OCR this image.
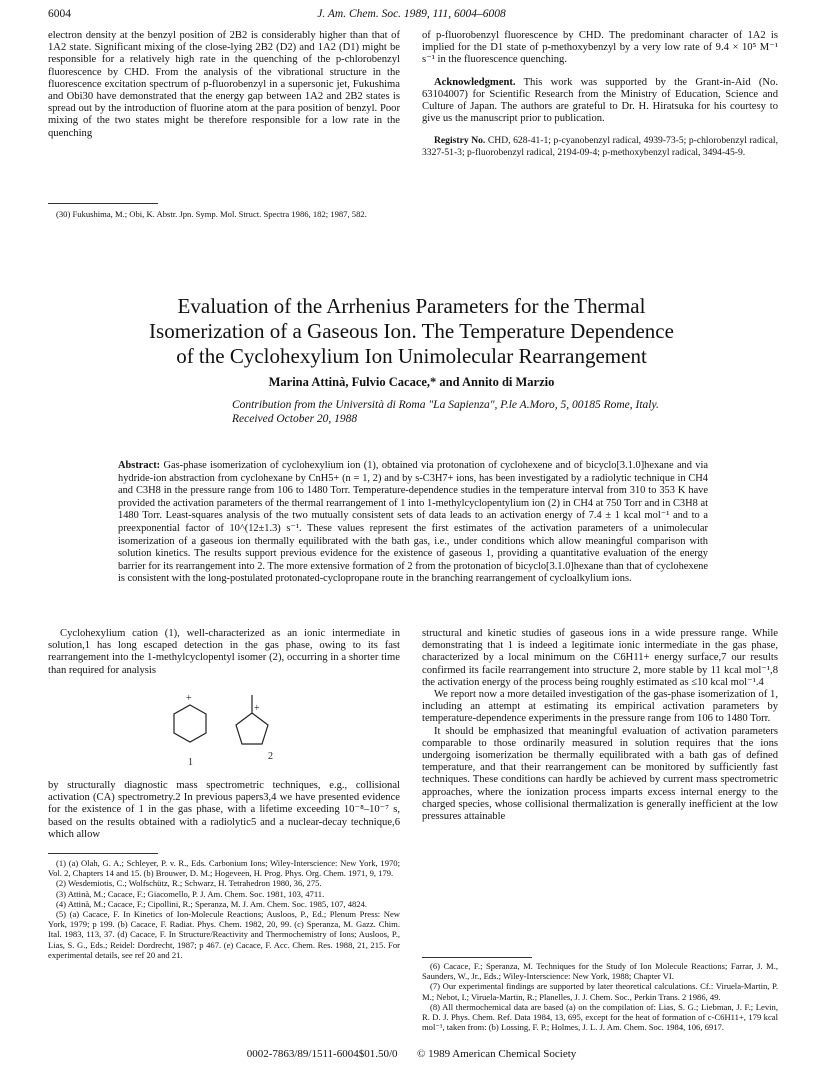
6004	J. Am. Chem. Soc. 1989, 111, 6004–6008

electron density at the benzyl position of 2B2 is considerably higher than that of 1A2 state. Significant mixing of the close-lying 2B2 (D2) and 1A2 (D1) might be responsible for a relatively high rate in the quenching of the p-chlorobenzyl fluorescence by CHD. From the analysis of the vibrational structure in the fluorescence excitation spectrum of p-fluorobenzyl in a supersonic jet, Fukushima and Obi30 have demonstrated that the energy gap between 1A2 and 2B2 states is spread out by the introduction of fluorine atom at the para position of benzyl. Poor mixing of the two states might be therefore responsible for a low rate in the quenching

(30) Fukushima, M.; Obi, K. Abstr. Jpn. Symp. Mol. Struct. Spectra 1986, 182; 1987, 582.

of p-fluorobenzyl fluorescence by CHD. The predominant character of 1A2 is implied for the D1 state of p-methoxybenzyl by a very low rate of 9.4 × 10⁵ M⁻¹ s⁻¹ in the fluorescence quenching.

Acknowledgment. This work was supported by the Grant-in-Aid (No. 63104007) for Scientific Research from the Ministry of Education, Science and Culture of Japan. The authors are grateful to Dr. H. Hiratsuka for his courtesy to give us the manuscript prior to publication.

Registry No. CHD, 628-41-1; p-cyanobenzyl radical, 4939-73-5; p-chlorobenzyl radical, 3327-51-3; p-fluorobenzyl radical, 2194-09-4; p-methoxybenzyl radical, 3494-45-9.

Evaluation of the Arrhenius Parameters for the Thermal
Isomerization of a Gaseous Ion. The Temperature Dependence
of the Cyclohexylium Ion Unimolecular Rearrangement
Marina Attinà, Fulvio Cacace,* and Annito di Marzio
Contribution from the Università di Roma "La Sapienza", P.le A.Moro, 5, 00185 Rome, Italy.
Received October 20, 1988
Abstract: Gas-phase isomerization of cyclohexylium ion (1), obtained via protonation of cyclohexene and of bicyclo[3.1.0]hexane and via hydride-ion abstraction from cyclohexane by CnH5+ (n = 1, 2) and by s-C3H7+ ions, has been investigated by a radiolytic technique in CH4 and C3H8 in the pressure range from 106 to 1480 Torr. Temperature-dependence studies in the temperature interval from 310 to 353 K have provided the activation parameters of the thermal rearrangement of 1 into 1-methylcyclopentylium ion (2) in CH4 at 750 Torr and in C3H8 at 1480 Torr. Least-squares analysis of the two mutually consistent sets of data leads to an activation energy of 7.4 ± 1 kcal mol⁻¹ and to a preexponential factor of 10^(12±1.3) s⁻¹. These values represent the first estimates of the activation parameters of a unimolecular isomerization of a gaseous ion thermally equilibrated with the bath gas, i.e., under conditions which allow meaningful comparison with solution kinetics. The results support previous evidence for the existence of gaseous 1, providing a quantitative evaluation of the energy barrier for its rearrangement into 2. The more extensive formation of 2 from the protonation of bicyclo[3.1.0]hexane than that of cyclohexene is consistent with the long-postulated protonated-cyclopropane route in the branching rearrangement of cycloalkylium ions.

Cyclohexylium cation (1), well-characterized as an ionic intermediate in solution,1 has long escaped detection in the gas phase, owing to its fast rearrangement into the 1-methylcyclopentyl isomer (2), occurring in a shorter time than required for analysis

+
1
+
2

by structurally diagnostic mass spectrometric techniques, e.g., collisional activation (CA) spectrometry.2 In previous papers3,4 we have presented evidence for the existence of 1 in the gas phase, with a lifetime exceeding 10⁻⁸–10⁻⁷ s, based on the results obtained with a radiolytic5 and a nuclear-decay technique,6 which allow

structural and kinetic studies of gaseous ions in a wide pressure range. While demonstrating that 1 is indeed a legitimate ionic intermediate in the gas phase, characterized by a local minimum on the C6H11+ energy surface,7 our results confirmed its facile rearrangement into structure 2, more stable by 11 kcal mol⁻¹,8 the activation energy of the process being roughly estimated as ≤10 kcal mol⁻¹.4

We report now a more detailed investigation of the gas-phase isomerization of 1, including an attempt at estimating its empirical activation parameters by temperature-dependence experiments in the pressure range from 106 to 1480 Torr.

It should be emphasized that meaningful evaluation of activation parameters comparable to those ordinarily measured in solution requires that the ions undergoing isomerization be thermally equilibrated with a bath gas of defined temperature, and that their rearrangement can be monitored by sufficiently fast techniques. These conditions can hardly be achieved by current mass spectrometric approaches, where the ionization process imparts excess internal energy to the charged species, whose collisional thermalization is generally inefficient at the low pressures attainable

(1) (a) Olah, G. A.; Schleyer, P. v. R., Eds. Carbonium Ions; Wiley-Interscience: New York, 1970; Vol. 2, Chapters 14 and 15. (b) Brouwer, D. M.; Hogeveen, H. Prog. Phys. Org. Chem. 1971, 9, 179.

(2) Wesdemiotis, C.; Wolfschütz, R.; Schwarz, H. Tetrahedron 1980, 36, 275.

(3) Attinà, M.; Cacace, F.; Giacomello, P. J. Am. Chem. Soc. 1981, 103, 4711.

(4) Attinà, M.; Cacace, F.; Cipollini, R.; Speranza, M. J. Am. Chem. Soc. 1985, 107, 4824.

(5) (a) Cacace, F. In Kinetics of Ion-Molecule Reactions; Ausloos, P., Ed.; Plenum Press: New York, 1979; p 199. (b) Cacace, F. Radiat. Phys. Chem. 1982, 20, 99. (c) Speranza, M. Gazz. Chim. Ital. 1983, 113, 37. (d) Cacace, F. In Structure/Reactivity and Thermochemistry of Ions; Ausloos, P., Lias, S. G., Eds.; Reidel: Dordrecht, 1987; p 467. (e) Cacace, F. Acc. Chem. Res. 1988, 21, 215. For experimental details, see ref 20 and 21.

(6) Cacace, F.; Speranza, M. Techniques for the Study of Ion Molecule Reactions; Farrar, J. M., Saunders, W., Jr., Eds.; Wiley-Interscience: New York, 1988; Chapter VI.

(7) Our experimental findings are supported by later theoretical calculations. Cf.: Viruela-Martin, P. M.; Nebot, I.; Viruela-Martin, R.; Planelles, J. J. Chem. Soc., Perkin Trans. 2 1986, 49.

(8) All thermochemical data are based (a) on the compilation of: Lias, S. G.; Liebman, J. F.; Levin, R. D. J. Phys. Chem. Ref. Data 1984, 13, 695, except for the heat of formation of c-C6H11+, 179 kcal mol⁻¹, taken from: (b) Lossing, F. P.; Holmes, J. L. J. Am. Chem. Soc. 1984, 106, 6917.

0002-7863/89/1511-6004$01.50/0 © 1989 American Chemical Society
